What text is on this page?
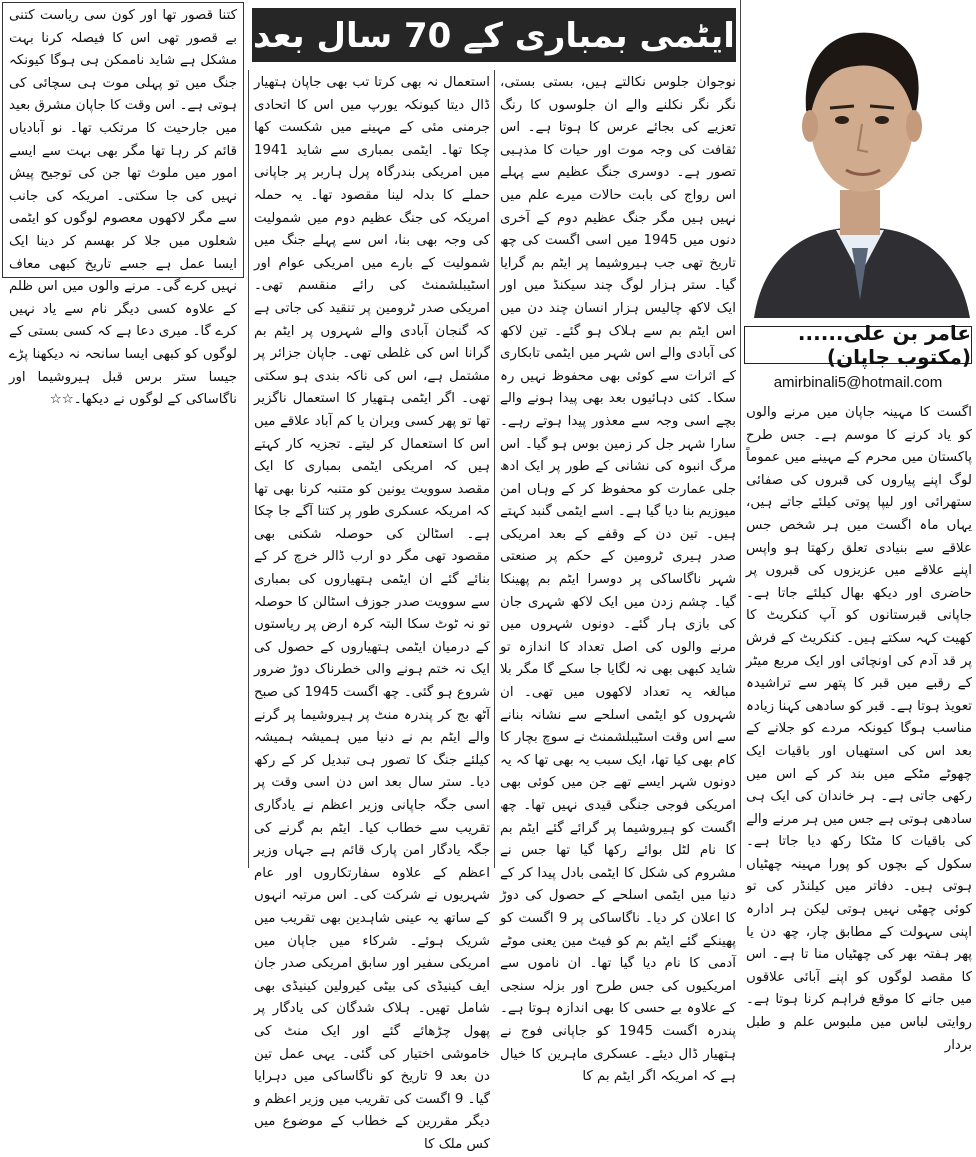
کتنا قصور تھا اور کون سی ریاست کتنی بے قصور تھی اس کا فیصلہ کرنا بہت مشکل ہے شاید ناممکن ہی ہوگا کیونکہ جنگ میں تو پہلی موت ہی سچائی کی ہوتی ہے۔ اس وقت کا جاپان مشرق بعید میں جارحیت کا مرتکب تھا۔ نو آبادیاں قائم کر رہا تھا مگر بھی بہت سے ایسے امور میں ملوث تھا جن کی توجیح پیش نہیں کی جا سکتی۔ امریکہ کی جانب سے مگر لاکھوں معصوم لوگوں کو ایٹمی شعلوں میں جلا کر بھسم کر دینا ایک ایسا عمل ہے جسے تاریخ کبھی معاف نہیں کرے گی۔ مرنے والوں میں اس ظلم کے علاوہ کسی دیگر نام سے یاد نہیں کرے گا۔ میری دعا ہے کہ کسی بستی کے لوگوں کو کبھی ایسا سانحہ نہ دیکھنا پڑے جیسا ستر برس قبل ہیروشیما اور ناگاساکی کے لوگوں نے دیکھا۔☆☆

ایٹمی بمباری کے 70 سال بعد

استعمال نہ بھی کرتا تب بھی جاپان ہتھیار ڈال دیتا کیونکہ یورپ میں اس کا اتحادی جرمنی مئی کے مہینے میں شکست کھا چکا تھا۔ ایٹمی بمباری سے شاید 1941 میں امریکی بندرگاہ پرل ہاربر پر جاپانی حملے کا بدلہ لینا مقصود تھا۔ یہ حملہ امریکہ کی جنگ عظیم دوم میں شمولیت کی وجہ بھی بنا، اس سے پہلے جنگ میں شمولیت کے بارے میں امریکی عوام اور اسٹیبلشمنٹ کی رائے منقسم تھی۔ امریکی صدر ٹرومین پر تنقید کی جاتی ہے کہ گنجان آبادی والے شہروں پر ایٹم بم گرانا اس کی غلطی تھی۔ جاپان جزائر پر مشتمل ہے، اس کی ناکہ بندی ہو سکتی تھی۔ اگر ایٹمی ہتھیار کا استعمال ناگزیر تھا تو پھر کسی ویران یا کم آباد علاقے میں اس کا استعمال کر لیتے۔ تجزیہ کار کہتے ہیں کہ امریکی ایٹمی بمباری کا ایک مقصد سوویت یونین کو متنبہ کرنا بھی تھا کہ امریکہ عسکری طور پر کتنا آگے جا چکا ہے۔ اسٹالن کی حوصلہ شکنی بھی مقصود تھی مگر دو ارب ڈالر خرچ کر کے بنائے گئے ان ایٹمی ہتھیاروں کی بمباری سے سوویت صدر جوزف اسٹالن کا حوصلہ تو نہ ٹوٹ سکا البتہ کرہ ارض پر ریاستوں کے درمیان ایٹمی ہتھیاروں کے حصول کی ایک نہ ختم ہونے والی خطرناک دوڑ ضرور شروع ہو گئی۔ چھ اگست 1945 کی صبح آٹھ بج کر پندرہ منٹ پر ہیروشیما پر گرنے والے ایٹم بم نے دنیا میں ہمیشہ ہمیشہ کیلئے جنگ کا تصور ہی تبدیل کر کے رکھ دیا۔ ستر سال بعد اس دن اسی وقت پر اسی جگہ جاپانی وزیر اعظم نے یادگاری تقریب سے خطاب کیا۔ ایٹم بم گرنے کی جگہ یادگار امن پارک قائم ہے جہاں وزیر اعظم کے علاوہ سفارتکاروں اور عام شہریوں نے شرکت کی۔ اس مرتبہ انہوں کے ساتھ یہ عینی شاہدین بھی تقریب میں شریک ہوئے۔ شرکاء میں جاپان میں امریکی سفیر اور سابق امریکی صدر جان ایف کینیڈی کی بیٹی کیرولین کینیڈی بھی شامل تھیں۔ ہلاک شدگان کی یادگار پر پھول چڑھائے گئے اور ایک منٹ کی خاموشی اختیار کی گئی۔ یہی عمل تین دن بعد 9 تاریخ کو ناگاساکی میں دہرایا گیا۔ 9 اگست کی تقریب میں وزیر اعظم و دیگر مقررین کے خطاب کے موضوع میں کس ملک کا

نوجوان جلوس نکالتے ہیں، بستی بستی، نگر نگر نکلنے والے ان جلوسوں کا رنگ تعزیے کی بجائے عرس کا ہوتا ہے۔ اس ثقافت کی وجہ موت اور حیات کا مذہبی تصور ہے۔ دوسری جنگ عظیم سے پہلے اس رواج کی بابت حالات میرے علم میں نہیں ہیں مگر جنگ عظیم دوم کے آخری دنوں میں 1945 میں اسی اگست کی چھ تاریخ تھی جب ہیروشیما پر ایٹم بم گرایا گیا۔ ستر ہزار لوگ چند سیکنڈ میں اور ایک لاکھ چالیس ہزار انسان چند دن میں اس ایٹم بم سے ہلاک ہو گئے۔ تین لاکھ کی آبادی والے اس شہر میں ایٹمی تابکاری کے اثرات سے کوئی بھی محفوظ نہیں رہ سکا۔ کئی دہائیوں بعد بھی پیدا ہونے والے بچے اسی وجہ سے معذور پیدا ہوتے رہے۔ سارا شہر جل کر زمین بوس ہو گیا۔ اس مرگ انبوہ کی نشانی کے طور پر ایک ادھ جلی عمارت کو محفوظ کر کے وہاں امن میوزیم بنا دیا گیا ہے۔ اسے ایٹمی گنبد کہتے ہیں۔ تین دن کے وقفے کے بعد امریکی صدر ہیری ٹرومین کے حکم پر صنعتی شہر ناگاساکی پر دوسرا ایٹم بم پھینکا گیا۔ چشم زدن میں ایک لاکھ شہری جان کی بازی ہار گئے۔ دونوں شہروں میں مرنے والوں کی اصل تعداد کا اندازہ تو شاید کبھی بھی نہ لگایا جا سکے گا مگر بلا مبالغہ یہ تعداد لاکھوں میں تھی۔ ان شہروں کو ایٹمی اسلحے سے نشانہ بنانے سے اس وقت اسٹیبلشمنٹ نے سوچ بچار کا کام بھی کیا تھا، ایک سبب یہ بھی تھا کہ یہ دونوں شہر ایسے تھے جن میں کوئی بھی امریکی فوجی جنگی قیدی نہیں تھا۔ چھ اگست کو ہیروشیما پر گرائے گئے ایٹم بم کا نام لٹل بوائے رکھا گیا تھا جس نے مشروم کی شکل کا ایٹمی بادل پیدا کر کے دنیا میں ایٹمی اسلحے کے حصول کی دوڑ کا اعلان کر دیا۔ ناگاساکی پر 9 اگست کو پھینکے گئے ایٹم بم کو فیٹ مین یعنی موٹے آدمی کا نام دیا گیا تھا۔ ان ناموں سے امریکیوں کی جس طرح اور بزلہ سنجی کے علاوہ بے حسی کا بھی اندازہ ہوتا ہے۔ پندرہ اگست 1945 کو جاپانی فوج نے ہتھیار ڈال دیئے۔ عسکری ماہرین کا خیال ہے کہ امریکہ اگر ایٹم بم کا

عامر بن علی......(مکتوب جاپان)
amirbinali5@hotmail.com

اگست کا مہینہ جاپان میں مرنے والوں کو یاد کرنے کا موسم ہے۔ جس طرح پاکستان میں محرم کے مہینے میں عموماً لوگ اپنے پیاروں کی قبروں کی صفائی ستھرائی اور لیپا پوتی کیلئے جاتے ہیں، یہاں ماہ اگست میں ہر شخص جس علاقے سے بنیادی تعلق رکھتا ہو واپس اپنے علاقے میں عزیزوں کی قبروں پر حاضری اور دیکھ بھال کیلئے جاتا ہے۔ جاپانی قبرستانوں کو آپ کنکریٹ کا کھیت کہہ سکتے ہیں۔ کنکریٹ کے فرش پر قد آدم کی اونچائی اور ایک مربع میٹر کے رقبے میں قبر کا پتھر سے تراشیدہ تعویذ ہوتا ہے۔ قبر کو سادھی کہنا زیادہ مناسب ہوگا کیونکہ مردے کو جلانے کے بعد اس کی استھیاں اور باقیات ایک چھوٹے مٹکے میں بند کر کے اس میں رکھی جاتی ہے۔ ہر خاندان کی ایک ہی سادھی ہوتی ہے جس میں ہر مرنے والے کی باقیات کا مٹکا رکھ دیا جاتا ہے۔ سکول کے بچوں کو پورا مہینہ چھٹیاں ہوتی ہیں۔ دفاتر میں کیلنڈر کی تو کوئی چھٹی نہیں ہوتی لیکن ہر ادارہ اپنی سہولت کے مطابق چار، چھ دن یا پھر ہفتہ بھر کی چھٹیاں منا تا ہے۔ اس کا مقصد لوگوں کو اپنے آبائی علاقوں میں جانے کا موقع فراہم کرنا ہوتا ہے۔ روایتی لباس میں ملبوس علم و طبل بردار
